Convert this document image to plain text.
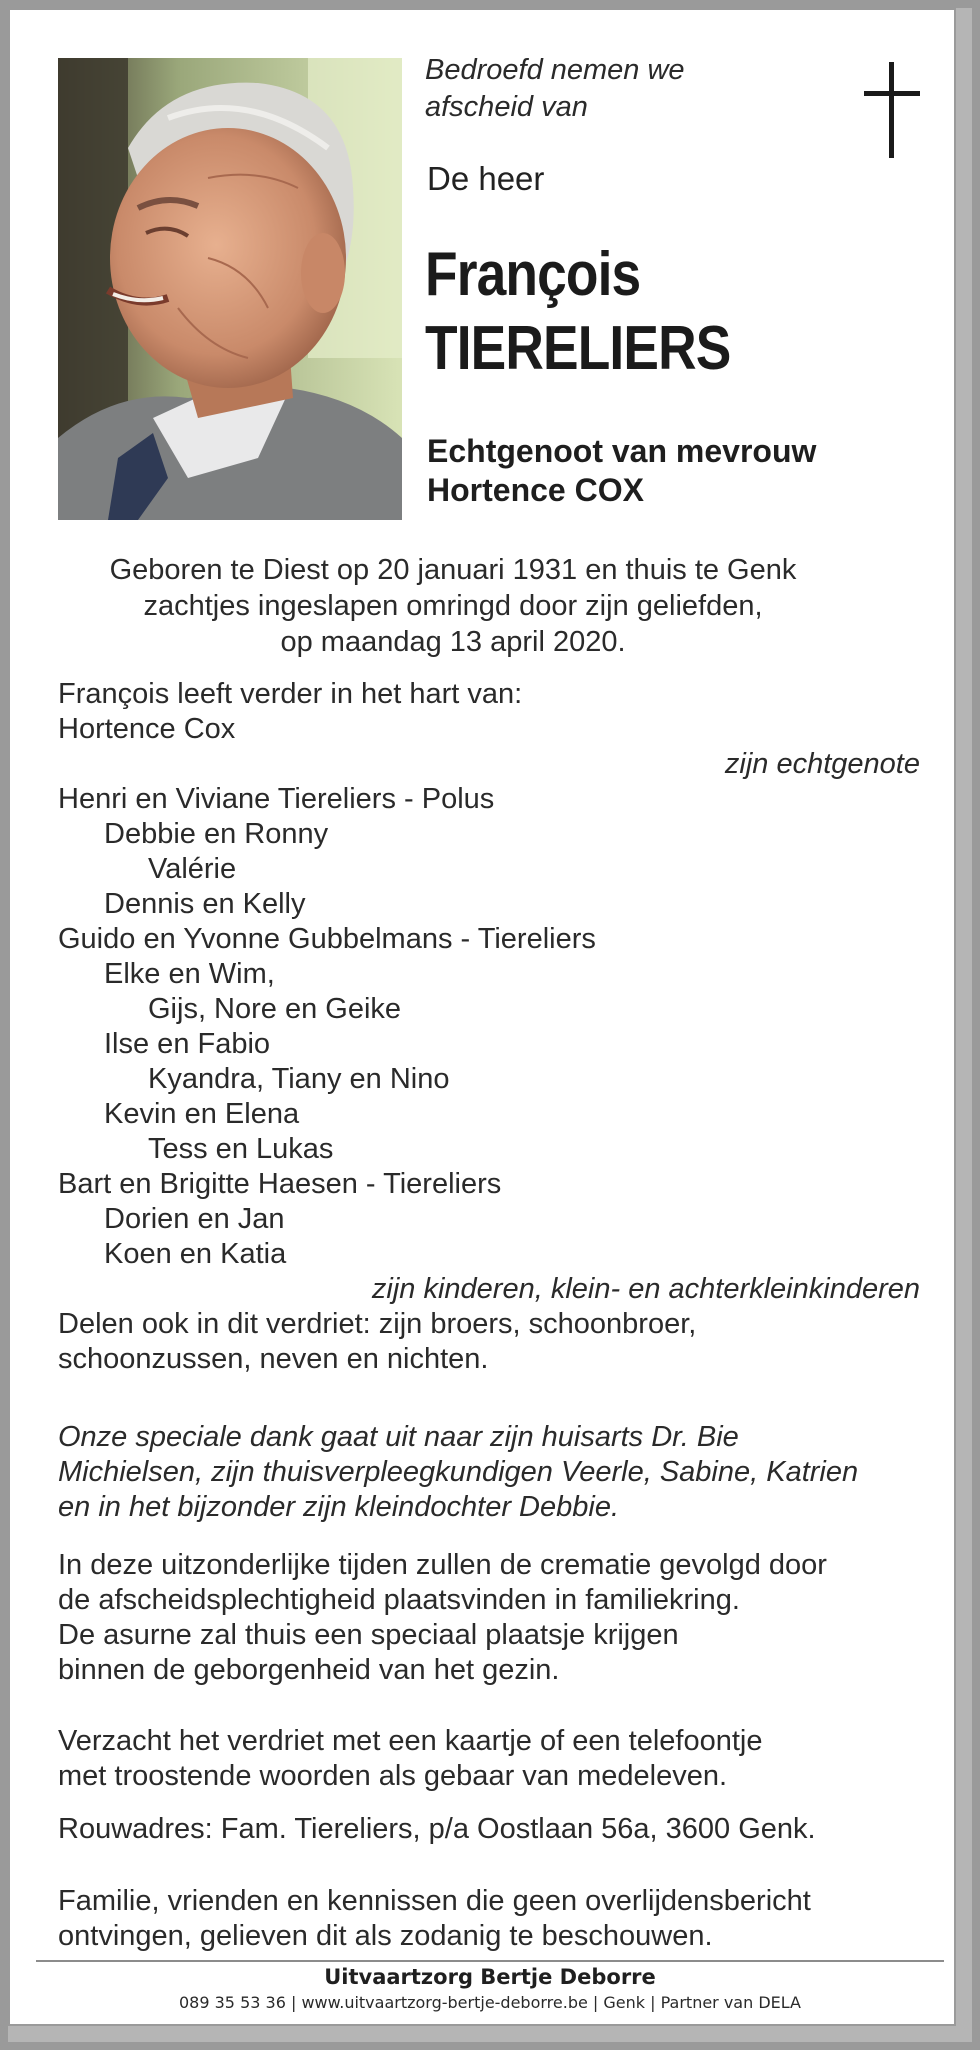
Bedroefd nemen we
afscheid van
De heer
François
TIERELIERS
Echtgenoot van mevrouw
Hortence COX
Geboren te Diest op 20 januari 1931 en thuis te Genk
zachtjes ingeslapen omringd door zijn geliefden,
op maandag 13 april 2020.
François leeft verder in het hart van:
Hortence Cox
zijn echtgenote
Henri en Viviane Tiereliers - Polus
Debbie en Ronny
Valérie
Dennis en Kelly
Guido en Yvonne Gubbelmans - Tiereliers
Elke en Wim,
Gijs, Nore en Geike
Ilse en Fabio
Kyandra, Tiany en Nino
Kevin en Elena
Tess en Lukas
Bart en Brigitte Haesen - Tiereliers
Dorien en Jan
Koen en Katia
zijn kinderen, klein- en achterkleinkinderen
Delen ook in dit verdriet: zijn broers, schoonbroer,
schoonzussen, neven en nichten.
Onze speciale dank gaat uit naar zijn huisarts Dr. Bie
Michielsen, zijn thuisverpleegkundigen Veerle, Sabine, Katrien
en in het bijzonder zijn kleindochter Debbie.
In deze uitzonderlijke tijden zullen de crematie gevolgd door
de afscheidsplechtigheid plaatsvinden in familiekring.
De asurne zal thuis een speciaal plaatsje krijgen
binnen de geborgenheid van het gezin.
Verzacht het verdriet met een kaartje of een telefoontje
met troostende woorden als gebaar van medeleven.
Rouwadres: Fam. Tiereliers, p/a Oostlaan 56a, 3600 Genk.
Familie, vrienden en kennissen die geen overlijdensbericht
ontvingen, gelieven dit als zodanig te beschouwen.
Uitvaartzorg Bertje Deborre
089 35 53 36 | www.uitvaartzorg-bertje-deborre.be | Genk | Partner van DELA
